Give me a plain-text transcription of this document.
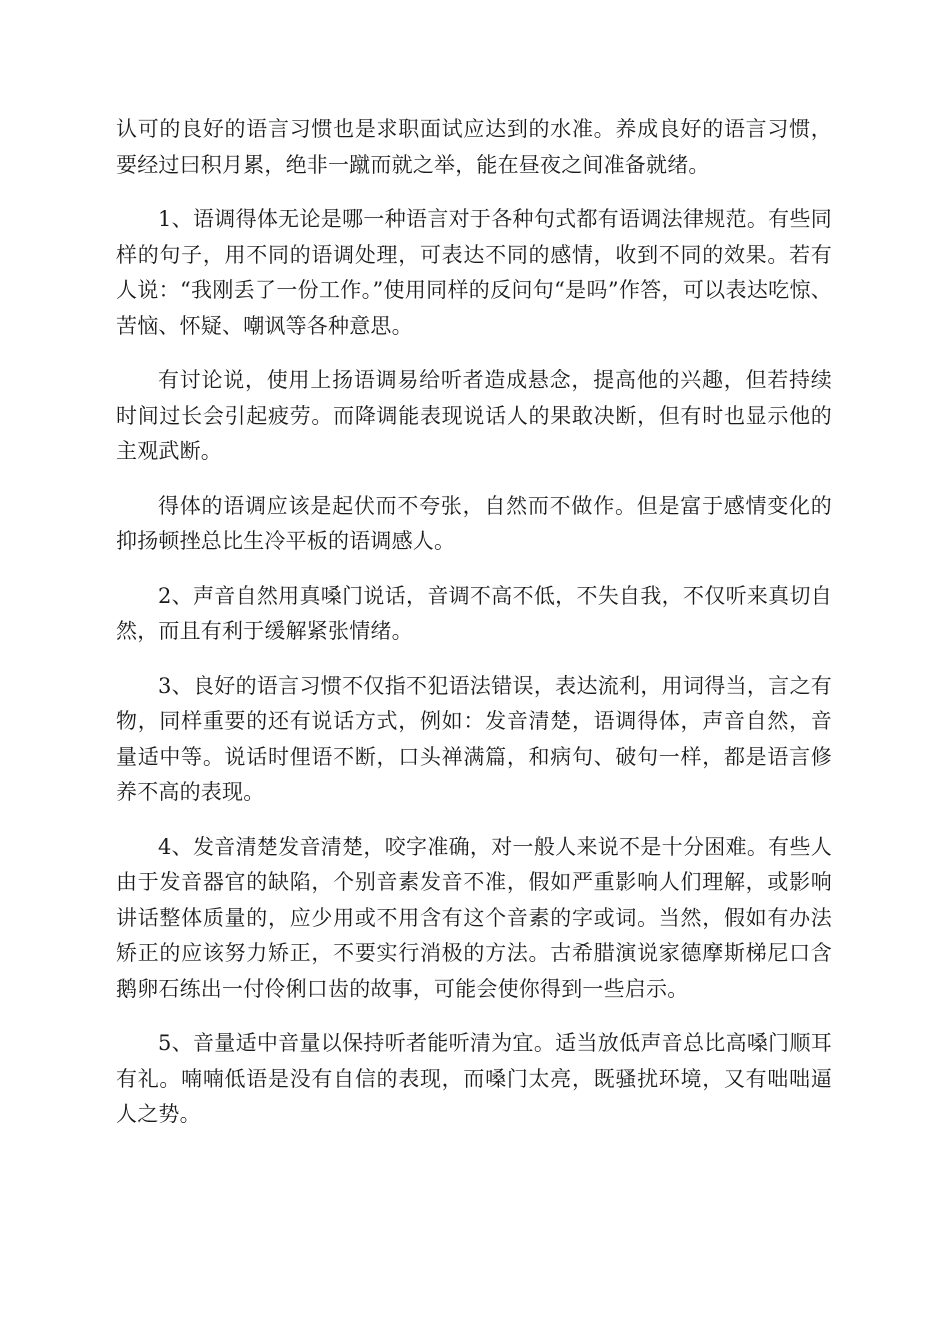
认可的良好的语言习惯也是求职面试应达到的水准。养成良好的语言习惯，要经过曰积月累，绝非一蹴而就之举，能在昼夜之间准备就绪。

1、语调得体无论是哪一种语言对于各种句式都有语调法律规范。有些同样的句子，用不同的语调处理，可表达不同的感情，收到不同的效果。若有人说：“我刚丢了一份工作。”使用同样的反问句“是吗”作答，可以表达吃惊、苦恼、怀疑、嘲讽等各种意思。

有讨论说，使用上扬语调易给听者造成悬念，提高他的兴趣，但若持续时间过长会引起疲劳。而降调能表现说话人的果敢决断，但有时也显示他的主观武断。

得体的语调应该是起伏而不夸张，自然而不做作。但是富于感情变化的抑扬顿挫总比生冷平板的语调感人。

2、声音自然用真嗓门说话，音调不高不低，不失自我，不仅听来真切自然，而且有利于缓解紧张情绪。

3、良好的语言习惯不仅指不犯语法错误，表达流利，用词得当，言之有物，同样重要的还有说话方式，例如：发音清楚，语调得体，声音自然，音量适中等。说话时俚语不断，口头禅满篇，和病句、破句一样，都是语言修养不高的表现。

4、发音清楚发音清楚，咬字准确，对一般人来说不是十分困难。有些人由于发音器官的缺陷，个别音素发音不准，假如严重影响人们理解，或影响讲话整体质量的，应少用或不用含有这个音素的字或词。当然，假如有办法矫正的应该努力矫正，不要实行消极的方法。古希腊演说家德摩斯梯尼口含鹅卵石练出一付伶俐口齿的故事，可能会使你得到一些启示。

5、音量适中音量以保持听者能听清为宜。适当放低声音总比高嗓门顺耳有礼。喃喃低语是没有自信的表现，而嗓门太亮，既骚扰环境，又有咄咄逼人之势。
